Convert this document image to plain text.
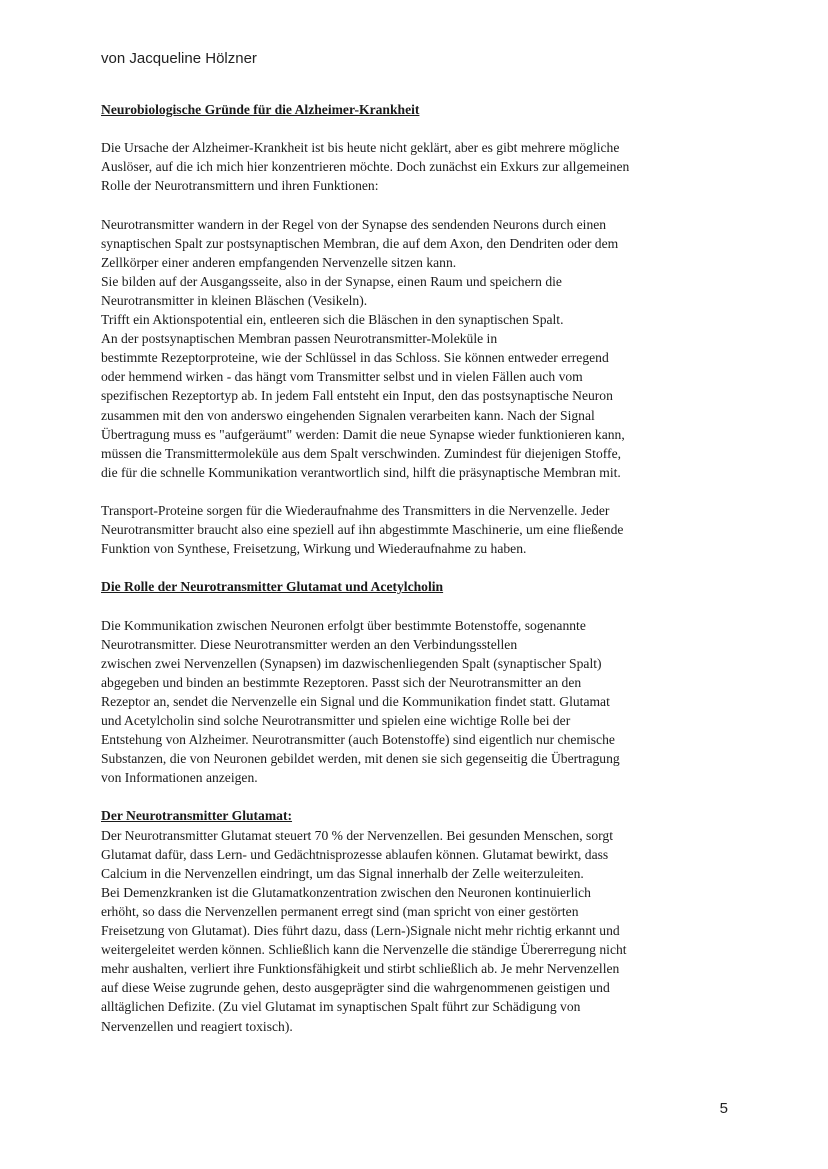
von Jacqueline Hölzner
Neurobiologische Gründe für die Alzheimer-Krankheit
Die Ursache der Alzheimer-Krankheit ist bis heute nicht geklärt, aber es gibt mehrere mögliche
Auslöser, auf die ich mich hier konzentrieren möchte. Doch zunächst ein Exkurs zur allgemeinen
Rolle der Neurotransmittern und ihren Funktionen:
Neurotransmitter wandern in der Regel von der Synapse des sendenden Neurons durch einen
synaptischen Spalt zur postsynaptischen Membran, die auf dem Axon, den Dendriten oder dem
Zellkörper einer anderen empfangenden Nervenzelle sitzen kann.
Sie bilden auf der Ausgangsseite, also in der Synapse, einen Raum und speichern die
Neurotransmitter in kleinen Bläschen (Vesikeln).
Trifft ein Aktionspotential ein, entleeren sich die Bläschen in den synaptischen Spalt.
An der postsynaptischen Membran passen Neurotransmitter-Moleküle in
bestimmte Rezeptorproteine, wie der Schlüssel in das Schloss. Sie können entweder erregend
oder hemmend wirken - das hängt vom Transmitter selbst und in vielen Fällen auch vom
spezifischen Rezeptortyp ab. In jedem Fall entsteht ein Input, den das postsynaptische Neuron
zusammen mit den von anderswo eingehenden Signalen verarbeiten kann. Nach der Signal
Übertragung muss es "aufgeräumt" werden: Damit die neue Synapse wieder funktionieren kann,
müssen die Transmittermoleküle aus dem Spalt verschwinden. Zumindest für diejenigen Stoffe,
die für die schnelle Kommunikation verantwortlich sind, hilft die präsynaptische Membran mit.
Transport-Proteine sorgen für die Wiederaufnahme des Transmitters in die Nervenzelle. Jeder
Neurotransmitter braucht also eine speziell auf ihn abgestimmte Maschinerie, um eine fließende
Funktion von Synthese, Freisetzung, Wirkung und Wiederaufnahme zu haben.
Die Rolle der Neurotransmitter Glutamat und Acetylcholin
Die Kommunikation zwischen Neuronen erfolgt über bestimmte Botenstoffe, sogenannte
Neurotransmitter. Diese Neurotransmitter werden an den Verbindungsstellen
zwischen zwei Nervenzellen (Synapsen) im dazwischenliegenden Spalt (synaptischer Spalt)
abgegeben und binden an bestimmte Rezeptoren. Passt sich der Neurotransmitter an den
Rezeptor an, sendet die Nervenzelle ein Signal und die Kommunikation findet statt. Glutamat
und Acetylcholin sind solche Neurotransmitter und spielen eine wichtige Rolle bei der
Entstehung von Alzheimer. Neurotransmitter (auch Botenstoffe) sind eigentlich nur chemische
Substanzen, die von Neuronen gebildet werden, mit denen sie sich gegenseitig die Übertragung
von Informationen anzeigen.
Der Neurotransmitter Glutamat:
Der Neurotransmitter Glutamat steuert 70 % der Nervenzellen. Bei gesunden Menschen, sorgt
Glutamat dafür, dass Lern- und Gedächtnisprozesse ablaufen können. Glutamat bewirkt, dass
Calcium in die Nervenzellen eindringt, um das Signal innerhalb der Zelle weiterzuleiten.
Bei Demenzkranken ist die Glutamatkonzentration zwischen den Neuronen kontinuierlich
erhöht, so dass die Nervenzellen permanent erregt sind (man spricht von einer gestörten
Freisetzung von Glutamat). Dies führt dazu, dass (Lern-)Signale nicht mehr richtig erkannt und
weitergeleitet werden können. Schließlich kann die Nervenzelle die ständige Übererregung nicht
mehr aushalten, verliert ihre Funktionsfähigkeit und stirbt schließlich ab. Je mehr Nervenzellen
auf diese Weise zugrunde gehen, desto ausgeprägter sind die wahrgenommenen geistigen und
alltäglichen Defizite. (Zu viel Glutamat im synaptischen Spalt führt zur Schädigung von
Nervenzellen und reagiert toxisch).
5
